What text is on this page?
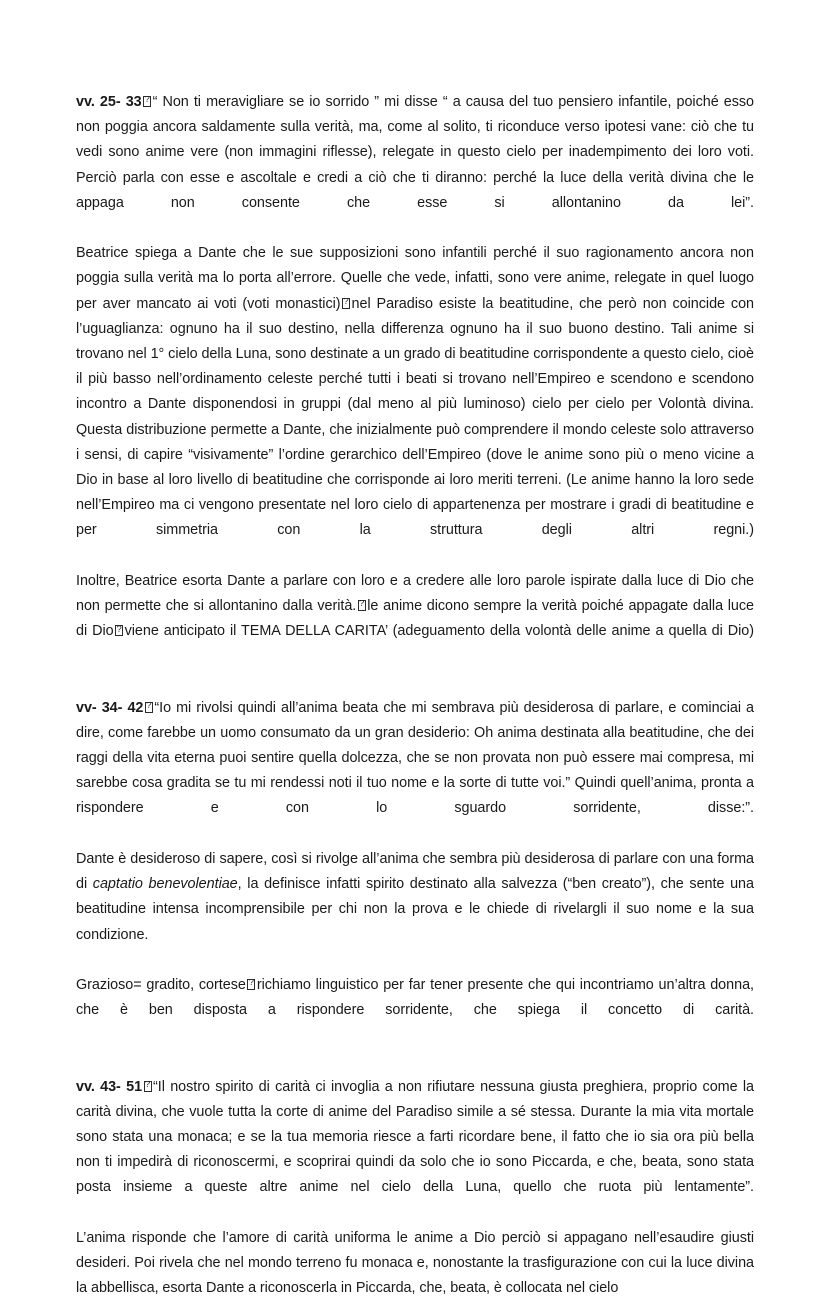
vv. 25- 33 ? “ Non ti meravigliare se io sorrido ” mi disse “ a causa del tuo pensiero infantile, poiché esso non poggia ancora saldamente sulla verità, ma, come al solito, ti riconduce verso ipotesi vane: ciò che tu vedi sono anime vere (non immagini riflesse), relegate in questo cielo per inadempimento dei loro voti. Perciò parla con esse e ascoltale e credi a ciò che ti diranno: perché la luce della verità divina che le appaga non consente che esse si allontanino da lei”.

Beatrice spiega a Dante che le sue supposizioni sono infantili perché il suo ragionamento ancora non poggia sulla verità ma lo porta all’errore. Quelle che vede, infatti, sono vere anime, relegate in quel luogo per aver mancato ai voti (voti monastici) ? nel Paradiso esiste la beatitudine, che però non coincide con l’uguaglianza: ognuno ha il suo destino, nella differenza ognuno ha il suo buono destino. Tali anime si trovano nel 1° cielo della Luna, sono destinate a un grado di beatitudine corrispondente a questo cielo, cioè il più basso nell’ordinamento celeste perché tutti i beati si trovano nell’Empireo e scendono e scendono incontro a Dante disponendosi in gruppi (dal meno al più luminoso) cielo per cielo per Volontà divina. Questa distribuzione permette a Dante, che inizialmente può comprendere il mondo celeste solo attraverso i sensi, di capire “visivamente” l’ordine gerarchico dell’Empireo (dove le anime sono più o meno vicine a Dio in base al loro livello di beatitudine che corrisponde ai loro meriti terreni. (Le anime hanno la loro sede nell’Empireo ma ci vengono presentate nel loro cielo di appartenenza per mostrare i gradi di beatitudine e per simmetria con la struttura degli altri regni.)

Inoltre, Beatrice esorta Dante a parlare con loro e a credere alle loro parole ispirate dalla luce di Dio che non permette che si allontanino dalla verità. ? le anime dicono sempre la verità poiché appagate dalla luce di Dio ? viene anticipato il TEMA DELLA CARITA’ (adeguamento della volontà delle anime a quella di Dio)

vv- 34- 42 ? “Io mi rivolsi quindi all’anima beata che mi sembrava più desiderosa di parlare, e cominciai a dire, come farebbe un uomo consumato da un gran desiderio: Oh anima destinata alla beatitudine, che dei raggi della vita eterna puoi sentire quella dolcezza, che se non provata non può essere mai compresa, mi sarebbe cosa gradita se tu mi rendessi noti il tuo nome e la sorte di tutte voi.” Quindi quell’anima, pronta a rispondere e con lo sguardo sorridente, disse:”.

Dante è desideroso di sapere, così si rivolge all’anima che sembra più desiderosa di parlare con una forma di captatio benevolentiae, la definisce infatti spirito destinato alla salvezza (“ben creato”), che sente una beatitudine intensa incomprensibile per chi non la prova e le chiede di rivelargli il suo nome e la sua condizione.

Grazioso= gradito, cortese ? richiamo linguistico per far tener presente che qui incontriamo un’altra donna, che è ben disposta a rispondere sorridente, che spiega il concetto di carità.

vv. 43- 51 ? “Il nostro spirito di carità ci invoglia a non rifiutare nessuna giusta preghiera, proprio come la carità divina, che vuole tutta la corte di anime del Paradiso simile a sé stessa. Durante la mia vita mortale sono stata una monaca; e se la tua memoria riesce a farti ricordare bene, il fatto che io sia ora più bella non ti impedirà di riconoscermi, e scoprirai quindi da solo che io sono Piccarda, e che, beata, sono stata posta insieme a queste altre anime nel cielo della Luna, quello che ruota più lentamente”.

L’anima risponde che l’amore di carità uniforma le anime a Dio perciò si appagano nell’esaudire giusti desideri. Poi rivela che nel mondo terreno fu monaca e, nonostante la trasfigurazione con cui la luce divina la abbellisca, esorta Dante a riconoscerla in Piccarda, che, beata, è collocata nel cielo
